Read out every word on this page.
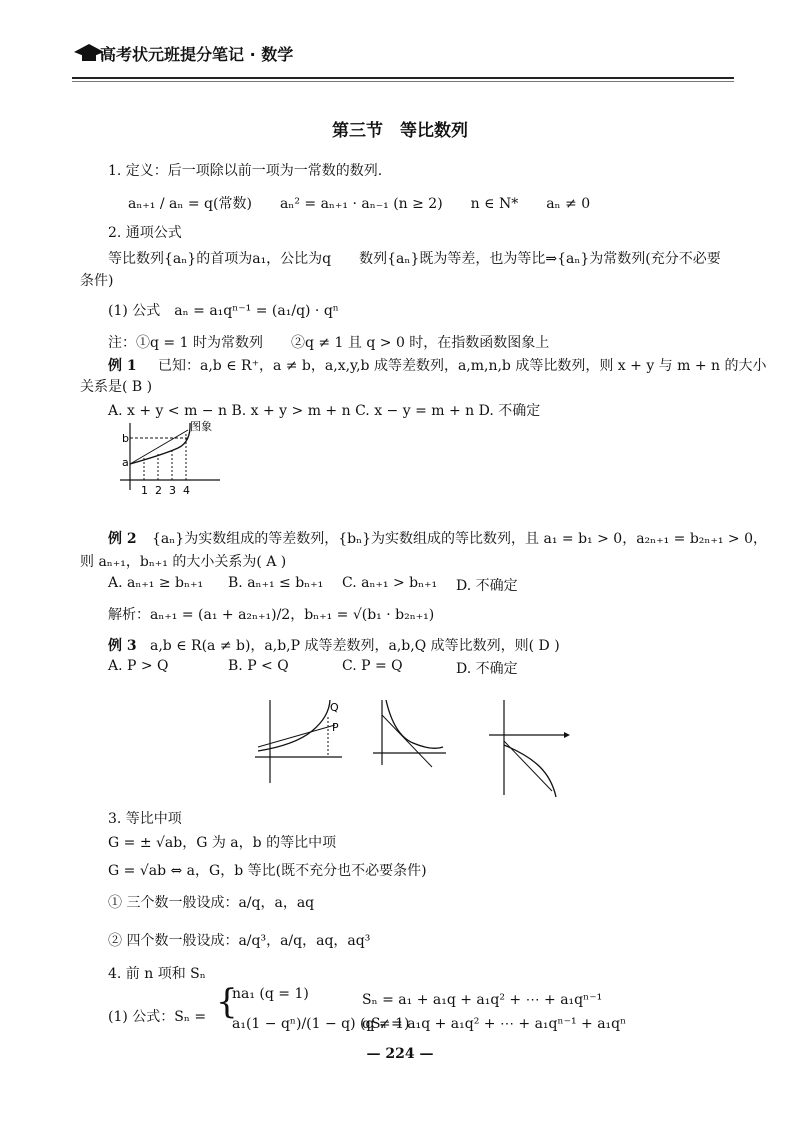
高考状元班提分笔记 · 数学
第三节　等比数列
1. 定义：后一项除以前一项为一常数的数列.
aₙ₊₁ / aₙ = q(常数)　　aₙ² = aₙ₊₁ · aₙ₋₁ (n ≥ 2)　　n ∈ N*　　aₙ ≠ 0
2. 通项公式
等比数列{aₙ}的首项为a₁，公比为q　　数列{aₙ}既为等差，也为等比⇒{aₙ}为常数列(充分不必要
条件)
(1) 公式　aₙ = a₁qⁿ⁻¹ = (a₁/q) · qⁿ
注：①q = 1 时为常数列　　②q ≠ 1 且 q > 0 时，在指数函数图象上
例 1 已知：a,b ∈ R⁺，a ≠ b，a,x,y,b 成等差数列，a,m,n,b 成等比数列，则 x + y 与 m + n 的大小
关系是( B )
A. x + y < m − n B. x + y > m + n C. x − y = m + n D. 不确定
图象
b
a
1 2 3 4
例 2 {aₙ}为实数组成的等差数列，{bₙ}为实数组成的等比数列，且 a₁ = b₁ > 0，a₂ₙ₊₁ = b₂ₙ₊₁ > 0，
则 aₙ₊₁，bₙ₊₁ 的大小关系为( A )
A. aₙ₊₁ ≥ bₙ₊₁ B. aₙ₊₁ ≤ bₙ₊₁ C. aₙ₊₁ > bₙ₊₁ D. 不确定
解析：aₙ₊₁ = (a₁ + a₂ₙ₊₁)/2，bₙ₊₁ = √(b₁ · b₂ₙ₊₁)
例 3 a,b ∈ R(a ≠ b)，a,b,P 成等差数列，a,b,Q 成等比数列，则( D )
A. P > Q	B. P < Q	C. P = Q	D. 不确定
Q
P
3. 等比中项
G = ± √ab，G 为 a，b 的等比中项
G = √ab ⇔ a，G，b 等比(既不充分也不必要条件)
① 三个数一般设成：a/q，a，aq
② 四个数一般设成：a/q³，a/q，aq，aq³
4. 前 n 项和 Sₙ
(1) 公式：Sₙ = {
na₁ (q = 1)
a₁(1 − qⁿ)/(1 − q) (q ≠ 1)
Sₙ = a₁ + a₁q + a₁q² + ⋯ + a₁qⁿ⁻¹
qSₙ = a₁q + a₁q² + ⋯ + a₁qⁿ⁻¹ + a₁qⁿ
— 224 —
